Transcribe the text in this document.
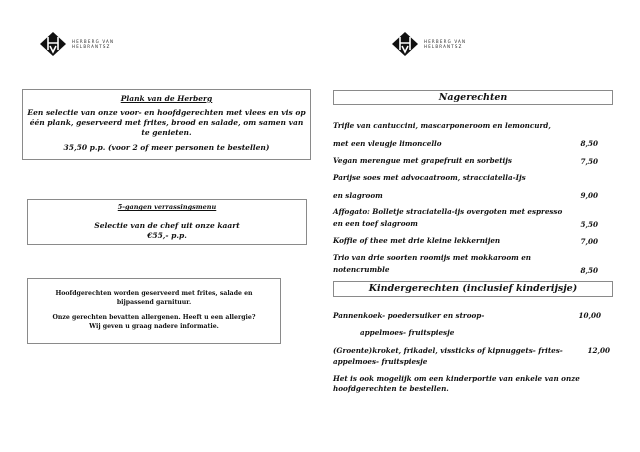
HERBERG VAN
HELBRANTSZ
HERBERG VAN
HELBRANTSZ
Plank van de Herberg
Een selectie van onze voor- en hoofdgerechten met vlees en vis op één plank, geserveerd met frites, brood en salade, om samen van te genieten.
35,50 p.p. (voor 2 of meer personen te bestellen)
5-gangen verrassingsmenu
Selectie van de chef uit onze kaart
€55,- p.p.
Hoofdgerechten worden geserveerd met frites, salade en bijpassend garnituur.
Onze gerechten bevatten allergenen. Heeft u een allergie? Wij geven u graag nadere informatie.
Nagerechten
Trifle van cantuccini, mascarponeroom en lemoncurd,
met een vleugje limoncello	8,50
Vegan merengue met grapefruit en sorbetijs	7,50
Parijse soes met advocaatroom, stracciatella-Ijs
en slagroom	9,00
Affogato: Bolletje straciatella-ijs overgoten met espresso
en een toef slagroom	5,50
Koffie of thee met drie kleine lekkernijen	7,00
Trio van drie soorten roomijs met mokkaroom en
notencrumble	8,50
Kindergerechten (inclusief kinderijsje)
Pannenkoek- poedersuiker en stroop-	10,00
appelmoes- fruitspiesje
(Groente)kroket, frikadel, vissticks of kipnuggets- frites-	12,00
appelmoes- fruitspiesje
Het is ook mogelijk om een kinderportie van enkele van onze hoofdgerechten te bestellen.
